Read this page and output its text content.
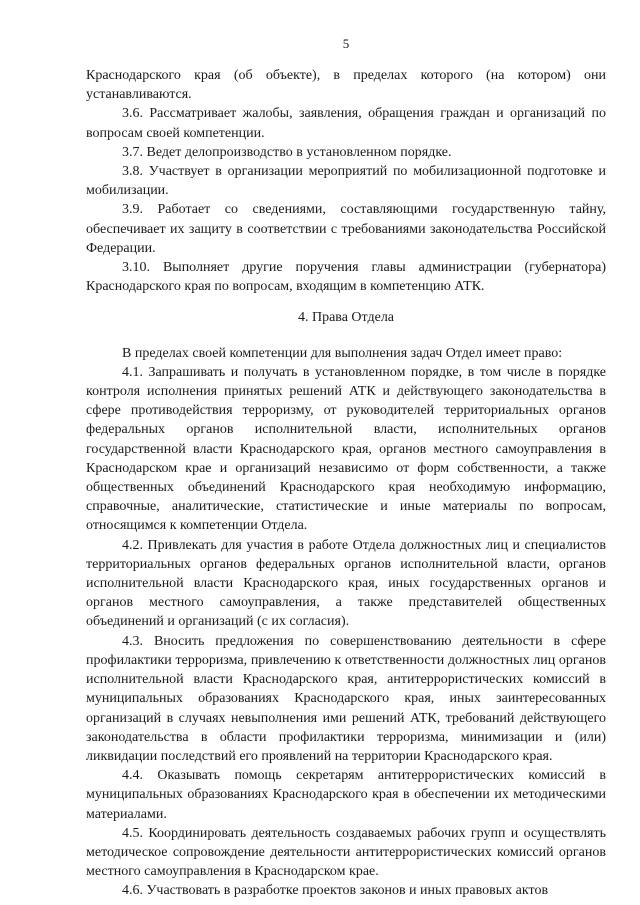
5

Краснодарского края (об объекте), в пределах которого (на котором) они устанавливаются.

3.6. Рассматривает жалобы, заявления, обращения граждан и организаций по вопросам своей компетенции.

3.7. Ведет делопроизводство в установленном порядке.

3.8. Участвует в организации мероприятий по мобилизационной подготовке и мобилизации.

3.9. Работает со сведениями, составляющими государственную тайну, обеспечивает их защиту в соответствии с требованиями законодательства Российской Федерации.

3.10. Выполняет другие поручения главы администрации (губернатора) Краснодарского края по вопросам, входящим в компетенцию АТК.

4. Права Отдела

В пределах своей компетенции для выполнения задач Отдел имеет право:

4.1. Запрашивать и получать в установленном порядке, в том числе в порядке контроля исполнения принятых решений АТК и действующего законодательства в сфере противодействия терроризму, от руководителей территориальных органов федеральных органов исполнительной власти, исполнительных органов государственной власти Краснодарского края, органов местного самоуправления в Краснодарском крае и организаций независимо от форм собственности, а также общественных объединений Краснодарского края необходимую информацию, справочные, аналитические, статистические и иные материалы по вопросам, относящимся к компетенции Отдела.

4.2. Привлекать для участия в работе Отдела должностных лиц и специалистов территориальных органов федеральных органов исполнительной власти, органов исполнительной власти Краснодарского края, иных государственных органов и органов местного самоуправления, а также представителей общественных объединений и организаций (с их согласия).

4.3. Вносить предложения по совершенствованию деятельности в сфере профилактики терроризма, привлечению к ответственности должностных лиц органов исполнительной власти Краснодарского края, антитеррористических комиссий в муниципальных образованиях Краснодарского края, иных заинтересованных организаций в случаях невыполнения ими решений АТК, требований действующего законодательства в области профилактики терроризма, минимизации и (или) ликвидации последствий его проявлений на территории Краснодарского края.

4.4. Оказывать помощь секретарям антитеррористических комиссий в муниципальных образованиях Краснодарского края в обеспечении их методическими материалами.

4.5. Координировать деятельность создаваемых рабочих групп и осуществлять методическое сопровождение деятельности антитеррористических комиссий органов местного самоуправления в Краснодарском крае.

4.6. Участвовать в разработке проектов законов и иных правовых актов
